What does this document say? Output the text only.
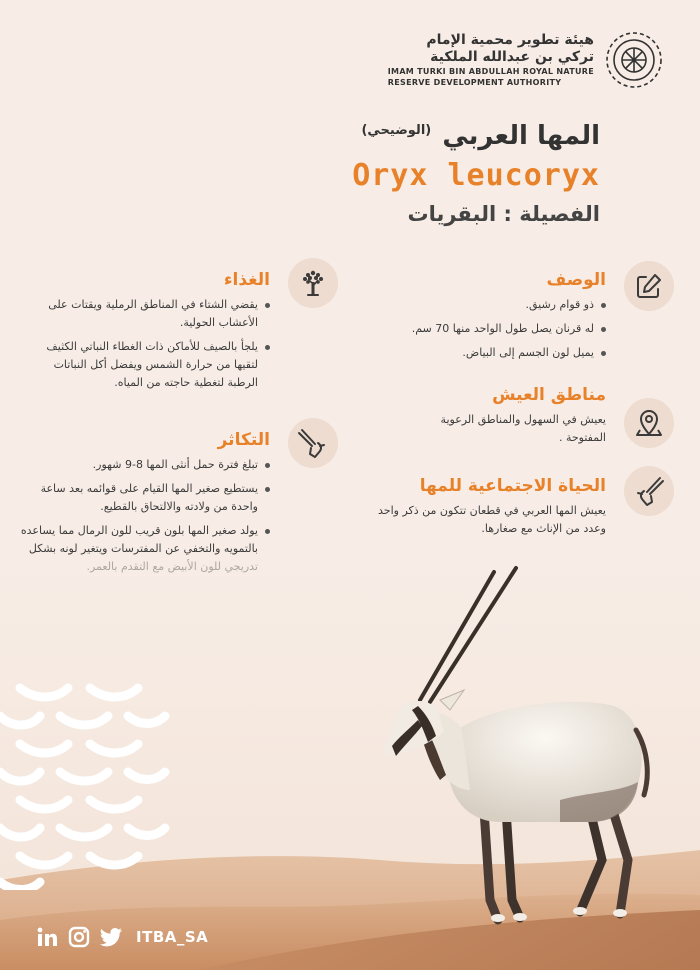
هيئة تطوير محمية الإمام
تركي بن عبدالله الملكية
IMAM TURKI BIN ABDULLAH ROYAL NATURE
RESERVE DEVELOPMENT AUTHORITY
المها العربي $^{(الوضيحي)}$
Oryx leucoryx
الفصيلة : البقريات
الوصف
ذو قوام رشيق.
له قرنان يصل طول الواحد منها 70 سم.
يميل لون الجسم إلى البياض.
مناطق العيش
يعيش في السهول والمناطق الرعوية المفتوحة .
الحياة الاجتماعية للمها
يعيش المها العربي في قطعان تتكون من ذكر واحد وعدد من الإناث مع صغارها.
الغذاء
يقضي الشتاء في المناطق الرملية ويقتات على الأعشاب الحولية.
يلجأ بالصيف للأماكن ذات الغطاء النباتي الكثيف لتقيها من حرارة الشمس ويفضل أكل النباتات الرطبة لتغطية حاجته من المياه.
التكاثر
تبلغ فترة حمل أنثى المها 8-9 شهور.
يستطيع صغير المها القيام على قوائمه بعد ساعة واحدة من ولادته والالتحاق بالقطيع.
يولد صغير المها بلون قريب للون الرمال مما يساعده بالتمويه والتخفي عن المفترسات ويتغير لونه بشكل
ITBA_SA
